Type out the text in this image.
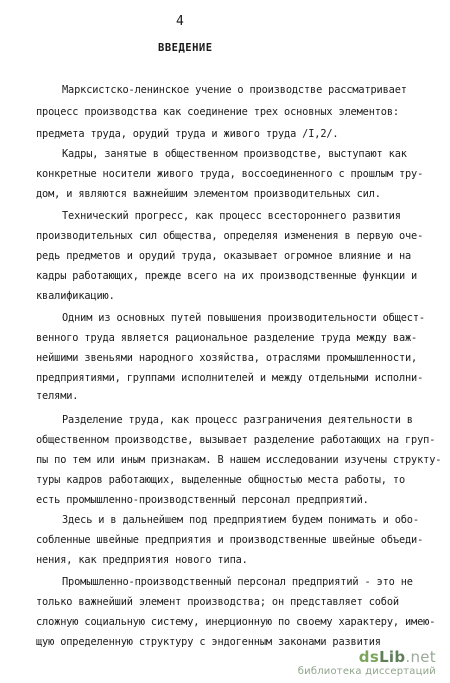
4
ВВЕДЕНИЕ
Марксистско-ленинское учение о производстве рассматривает
процесс производства как соединение трех основных элементов:
предмета труда, орудий труда и живого труда /I,2/.
Кадры, занятые в общественном производстве, выступают как
конкретные носители живого труда, воссоединенного с прошлым тру-
дом, и являются важнейшим элементом производительных сил.
Технический прогресс, как процесс всестороннего развития
производительных сил общества, определяя изменения в первую оче-
редь предметов и орудий труда, оказывает огромное влияние и на
кадры работающих, прежде всего на их производственные функции и
квалификацию.
Одним из основных путей повышения производительности общест-
венного труда является рациональное разделение труда между важ-
нейшими звеньями народного хозяйства, отраслями промышленности,
предприятиями, группами исполнителей и между отдельными исполни-
телями.
Разделение труда, как процесс разграничения деятельности в
общественном производстве, вызывает разделение работающих на груп-
пы по тем или иным признакам. В нашем исследовании изучены структу-
туры кадров работающих, выделенные общностью места работы, то
есть промышленно-производственный персонал предприятий.
Здесь и в дальнейшем под предприятием будем понимать и обо-
собленные швейные предприятия и производственные швейные объеди-
нения, как предприятия нового типа.
Промышленно-производственный персонал предприятий - это не
только важнейший элемент производства; он представляет собой
сложную социальную систему, инерционную по своему характеру, имею-
щую определенную структуру с эндогенным законами развития
dsLib.net
библиотека диссертаций
